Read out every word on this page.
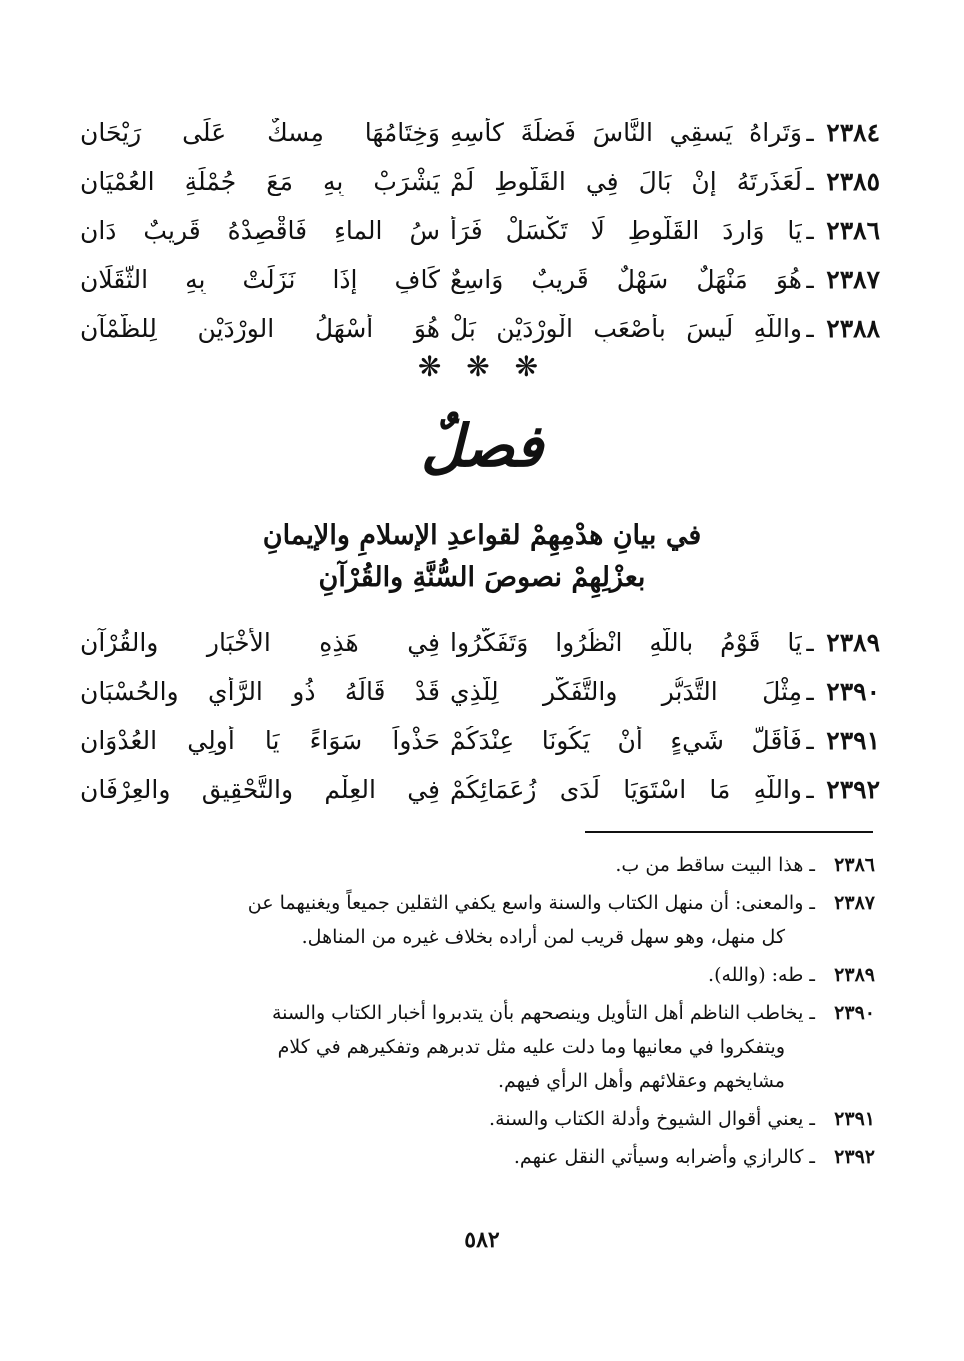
٢٣٨٤
ـ
وَتَراهُ يَسقِي النَّاسَ فَضلَةَ كأسِهِ
وَخِتَامُهَا مِسكٌ عَلَى رَيْحَانِ
٢٣٨٥
ـ
لَعَذَرتَهُ إنْ بَالَ فِي القَلُّوطِ لَمْ
يَشْرَبْ بِهِ مَعَ جُمْلَةِ العُمْيَانِ
٢٣٨٦
ـ
يَا وَارِدَ القَلُّوطِ لَا تَكْسَلْ فَرَأ
سُ الماءِ فَاقْصِدْهُ قَرِيبٌ دَانِ
٢٣٨٧
ـ
هُوَ مَنْهَلٌ سَهْلٌ قَرِيبٌ وَاسِعٌ
كَافٍ إذَا نَزَلَتْ بِهِ الثَّقَلَانِ
٢٣٨٨
ـ
واللَّهِ لَيسَ بأصْعَبِ الْوِرْدَيْنِ بَلْ
هُوَ أسْهَلُ الوِرْدَيْنِ لِلظَّمْآنِ
❋ ❋ ❋
فصلٌ
في بيانِ هدْمِهِمْ لقواعدِ الإسلامِ والإيمانِ
بعزْلِهِمْ نصوصَ السُّنَّةِ والقُرْآنِ
٢٣٨٩
ـ
يَا قَوْمُ باللَّهِ انْظُرُوا وَتَفَكَّرُوا
فِي هَذِهِ الأخْبَارِ والقُرْآنِ
٢٣٩٠
ـ
مِثْلَ التَّدَبُّرِ والتَّفَكُّرِ لِلَّذِي
قَدْ قَالَهُ ذُو الرَّأيِ والحُسْبَانِ
٢٣٩١
ـ
فَأقَلُّ شَيءٍ أنْ يَكُونَا عِنْدَكُمْ
حَذْواً سَوَاءً يَا أولِي العُدْوَانِ
٢٣٩٢
ـ
واللَّهِ مَا اسْتَوَيَا لَدَى زُعَمَائِكُمْ
فِي العِلْمِ والتَّحْقِيقِ والعِرْفَانِ
٢٣٨٦ـ هذا البيت ساقط من ب.
٢٣٨٧ـ والمعنى: أن منهل الكتاب والسنة واسع يكفي الثقلين جميعاً ويغنيهما عن
كل منهل، وهو سهل قريب لمن أراده بخلاف غيره من المناهل.
٢٣٨٩ـ طه: (والله).
٢٣٩٠ـ يخاطب الناظم أهل التأويل وينصحهم بأن يتدبروا أخبار الكتاب والسنة
ويتفكروا في معانيها وما دلت عليه مثل تدبرهم وتفكيرهم في كلام
مشايخهم وعقلائهم وأهل الرأي فيهم.
٢٣٩١ـ يعني أقوال الشيوخ وأدلة الكتاب والسنة.
٢٣٩٢ـ كالرازي وأضرابه وسيأتي النقل عنهم.
٥٨٢
